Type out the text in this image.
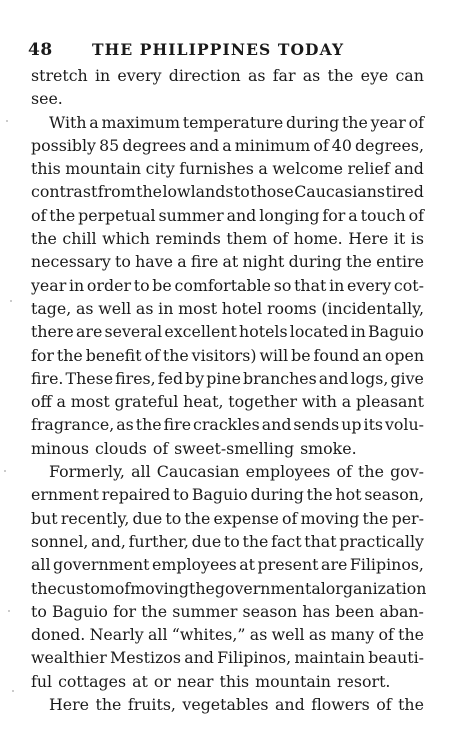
48	THE PHILIPPINES TODAY
stretch in every direction as far as the eye can
see.
With a maximum temperature during the year of
possibly 85 degrees and a minimum of 40 degrees,
this mountain city furnishes a welcome relief and
contrast from the lowlands to those Caucasians tired
of the perpetual summer and longing for a touch of
the chill which reminds them of home. Here it is
necessary to have a fire at night during the entire
year in order to be comfortable so that in every cot-
tage, as well as in most hotel rooms (incidentally,
there are several excellent hotels located in Baguio
for the benefit of the visitors) will be found an open
fire. These fires, fed by pine branches and logs, give
off a most grateful heat, together with a pleasant
fragrance, as the fire crackles and sends up its volu-
minous clouds of sweet-smelling smoke.
Formerly, all Caucasian employees of the gov-
ernment repaired to Baguio during the hot season,
but recently, due to the expense of moving the per-
sonnel, and, further, due to the fact that practically
all government employees at present are Filipinos,
the custom of moving the governmental organization
to Baguio for the summer season has been aban-
doned. Nearly all “whites,” as well as many of the
wealthier Mestizos and Filipinos, maintain beauti-
ful cottages at or near this mountain resort.
Here the fruits, vegetables and flowers of the
